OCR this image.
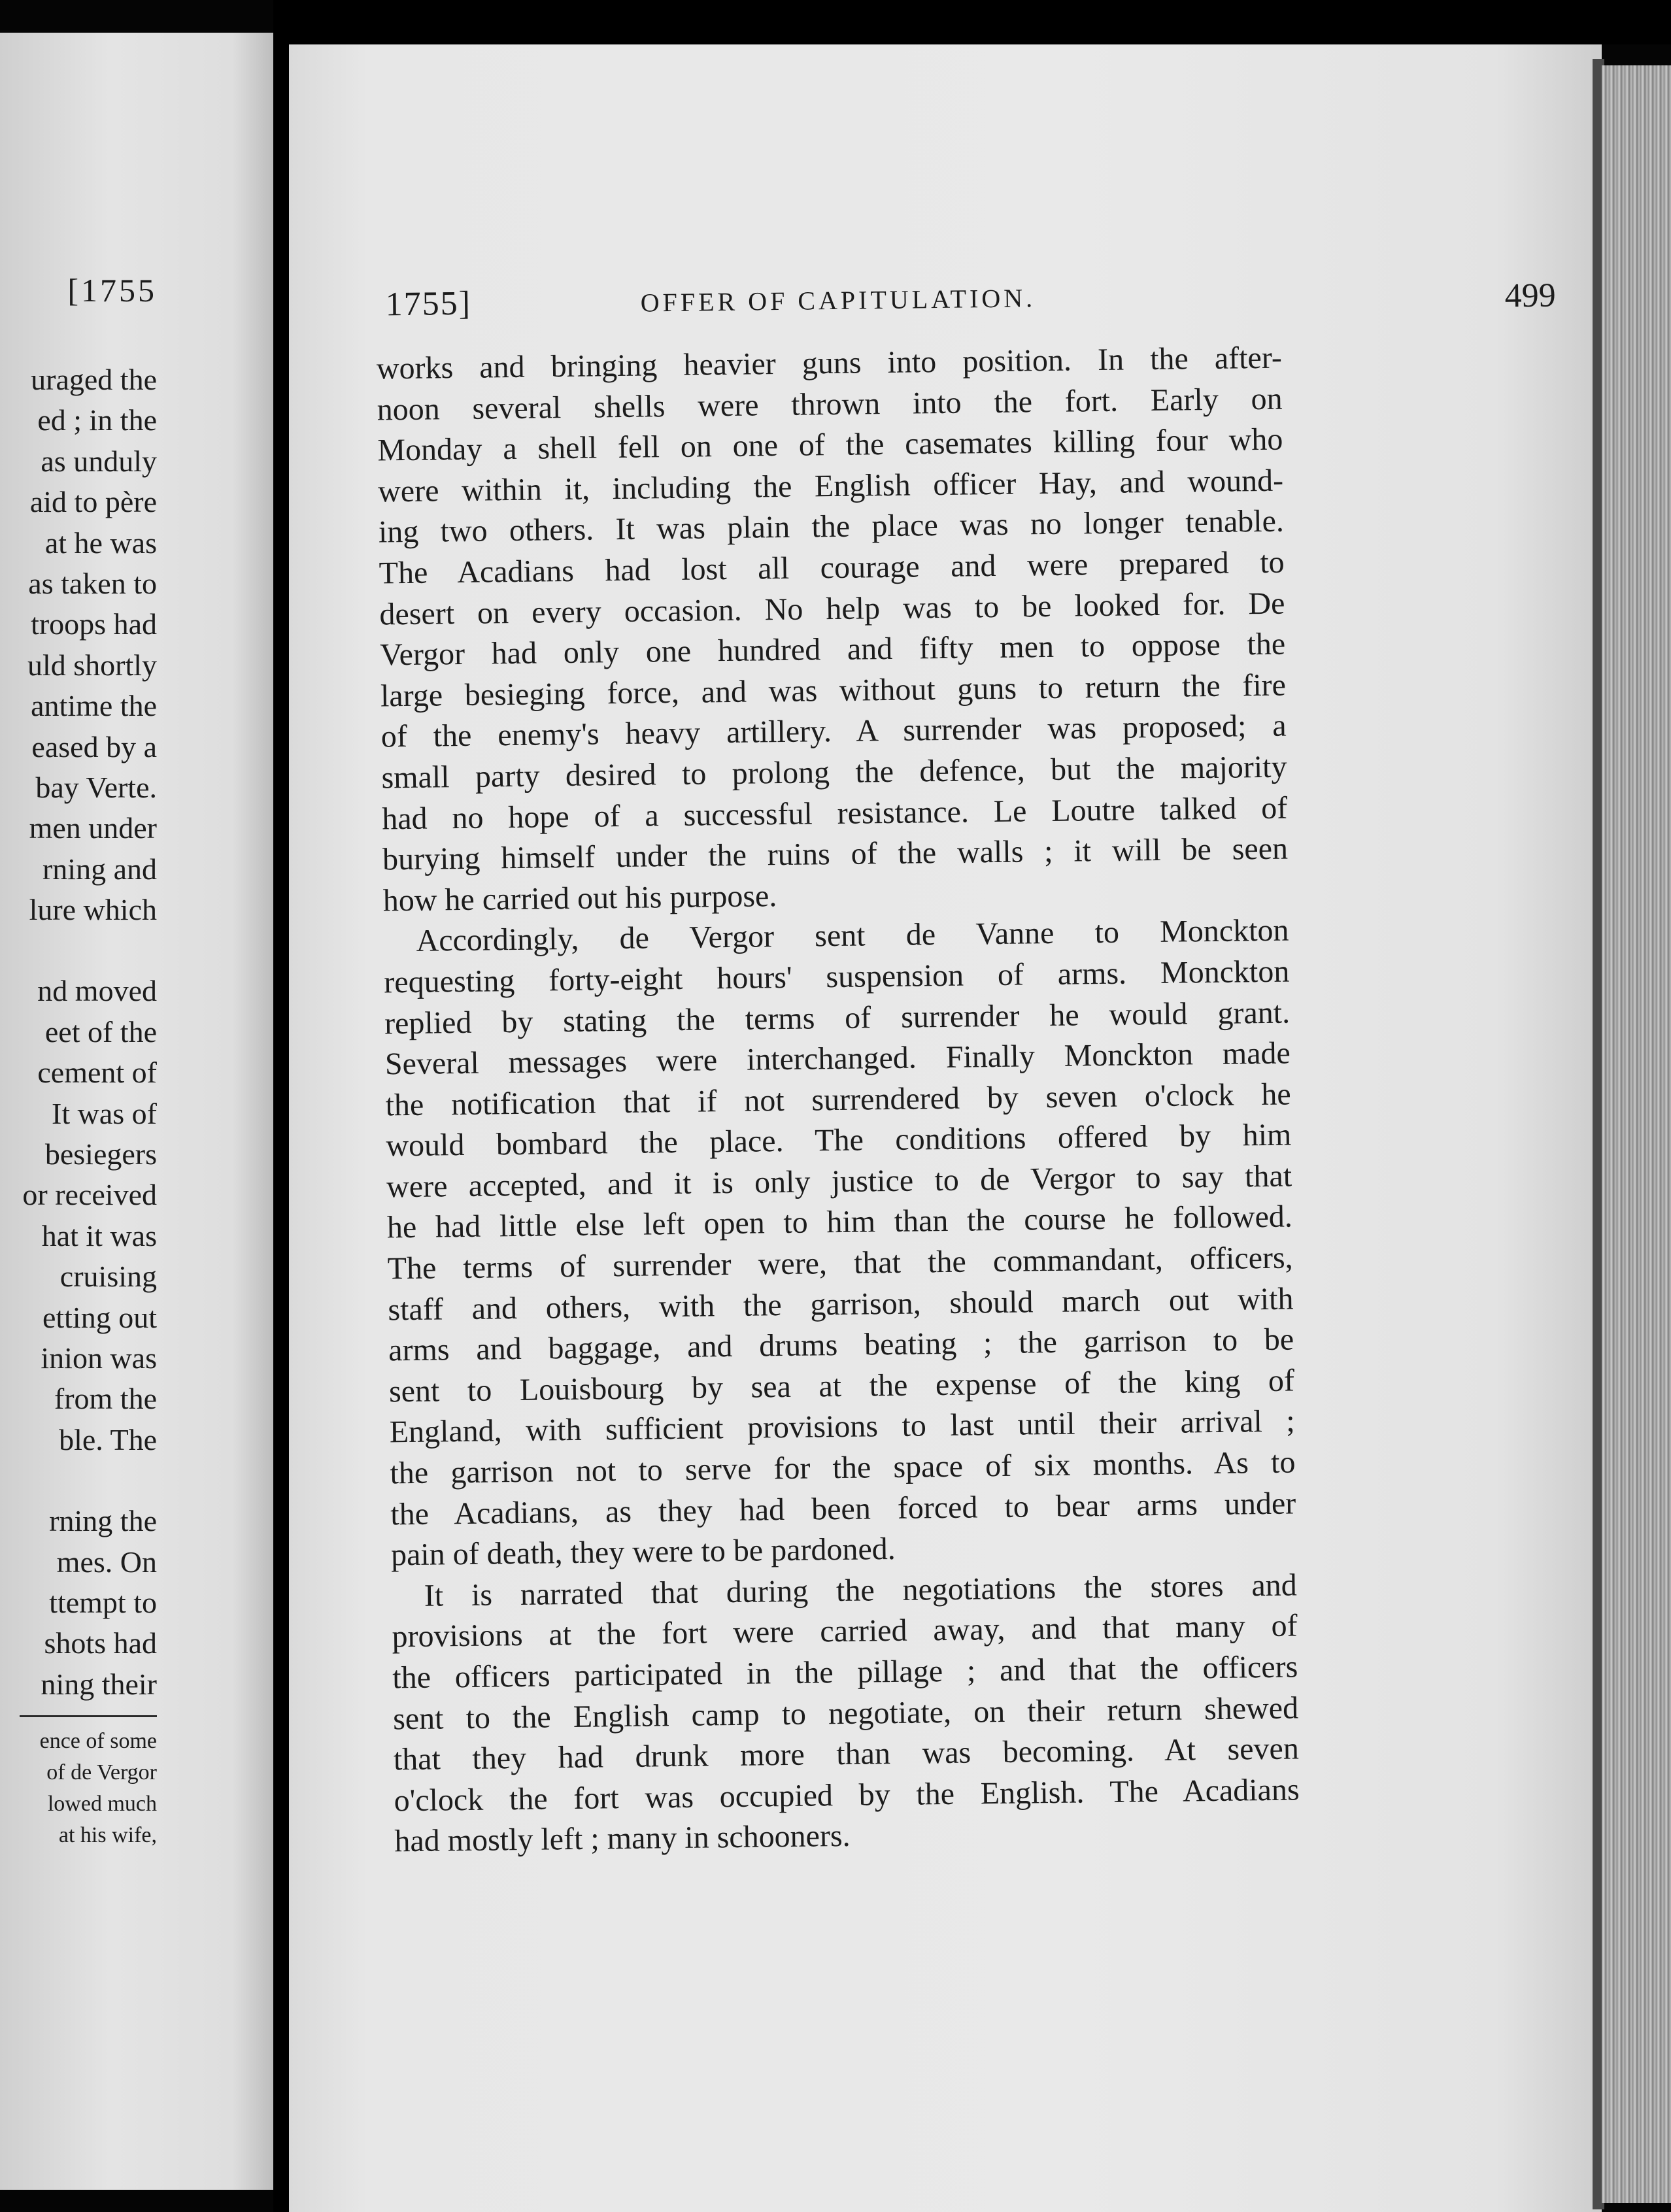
[1755
uraged the
ed ; in the
as unduly
aid to père
at he was
as taken to
troops had
uld shortly
antime the
eased by a
bay Verte.
men under
rning and
lure which
nd moved
eet of the
cement of
It was of
besiegers
or received
hat it was
cruising
etting out
inion was
from the
ble. The
rning the
mes. On
ttempt to
shots had
ning their
ence of some
of de Vergor
lowed much
at his wife,
1755]	OFFER OF CAPITULATION.	499
works and bringing heavier guns into position. In the after-
noon several shells were thrown into the fort. Early on
Monday a shell fell on one of the casemates killing four who
were within it, including the English officer Hay, and wound-
ing two others. It was plain the place was no longer tenable.
The Acadians had lost all courage and were prepared to
desert on every occasion. No help was to be looked for. De
Vergor had only one hundred and fifty men to oppose the
large besieging force, and was without guns to return the fire
of the enemy's heavy artillery. A surrender was proposed; a
small party desired to prolong the defence, but the majority
had no hope of a successful resistance. Le Loutre talked of
burying himself under the ruins of the walls ; it will be seen
how he carried out his purpose.
Accordingly, de Vergor sent de Vanne to Monckton
requesting forty-eight hours' suspension of arms. Monckton
replied by stating the terms of surrender he would grant.
Several messages were interchanged. Finally Monckton made
the notification that if not surrendered by seven o'clock he
would bombard the place. The conditions offered by him
were accepted, and it is only justice to de Vergor to say that
he had little else left open to him than the course he followed.
The terms of surrender were, that the commandant, officers,
staff and others, with the garrison, should march out with
arms and baggage, and drums beating ; the garrison to be
sent to Louisbourg by sea at the expense of the king of
England, with sufficient provisions to last until their arrival ;
the garrison not to serve for the space of six months. As to
the Acadians, as they had been forced to bear arms under
pain of death, they were to be pardoned.
It is narrated that during the negotiations the stores and
provisions at the fort were carried away, and that many of
the officers participated in the pillage ; and that the officers
sent to the English camp to negotiate, on their return shewed
that they had drunk more than was becoming. At seven
o'clock the fort was occupied by the English. The Acadians
had mostly left ; many in schooners.
